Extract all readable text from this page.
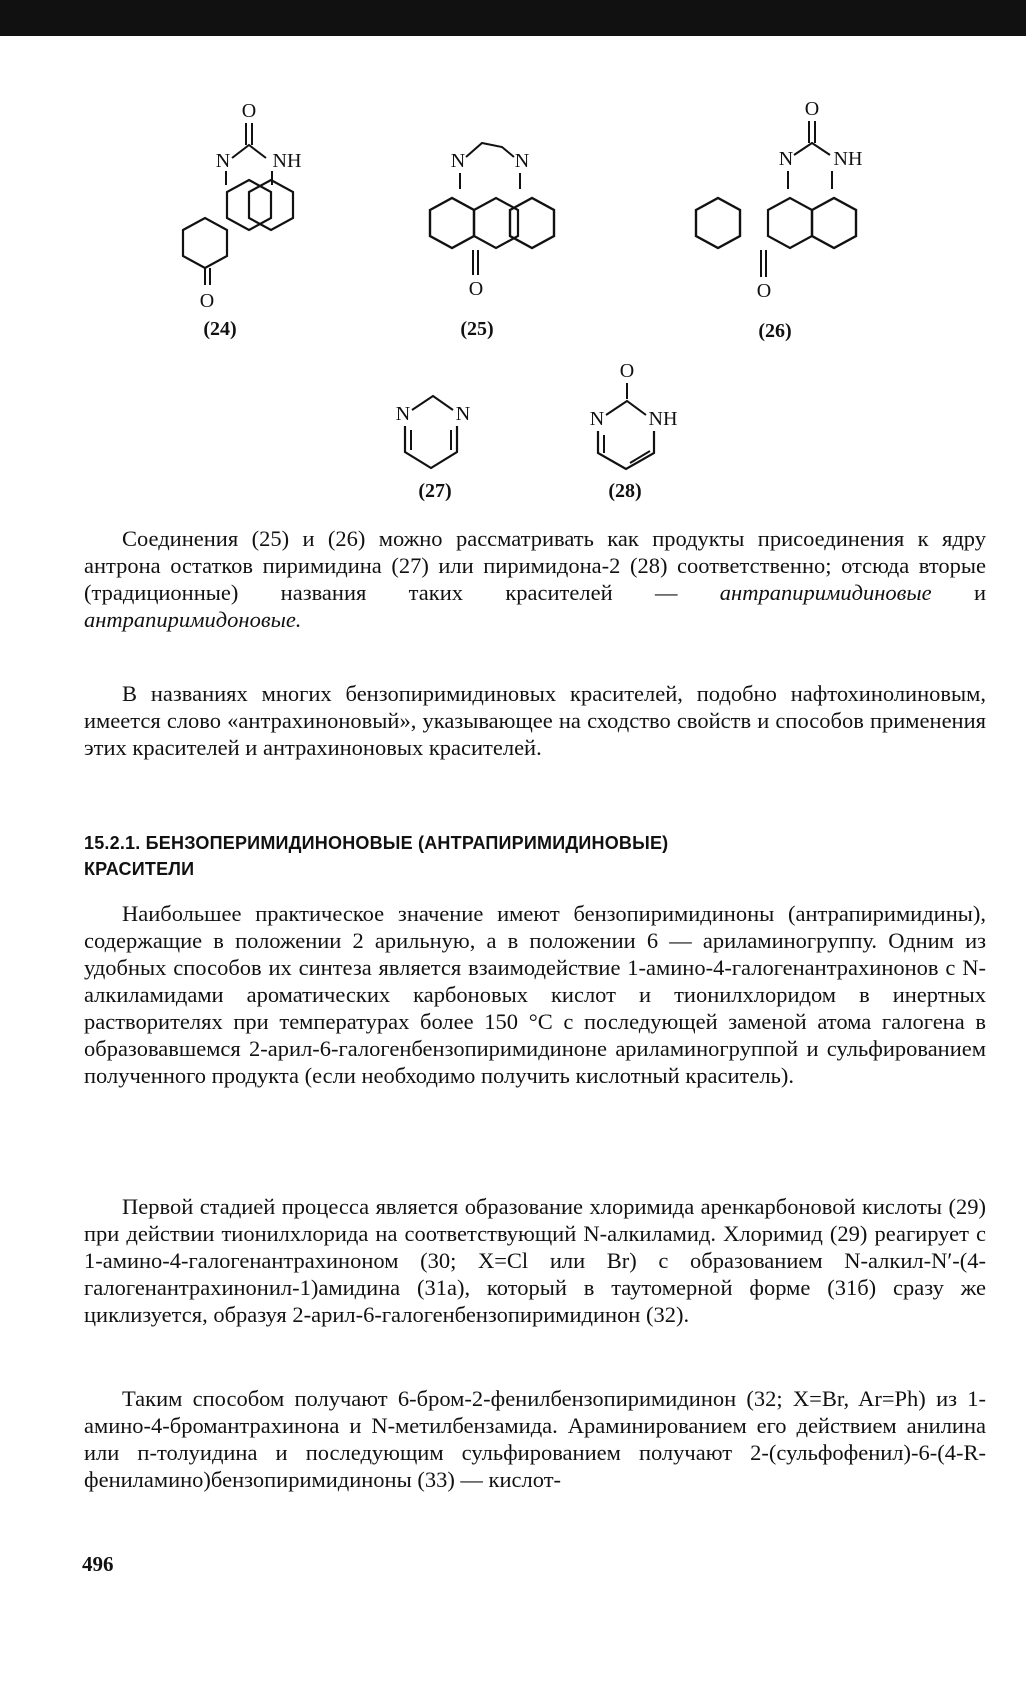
O
N NH
O
(24)
N N
O
(25)
O
N NH
O
(26)
N N
(27)
O
N NH
(28)

Соединения (25) и (26) можно рассматривать как продукты присоединения к ядру антрона остатков пиримидина (27) или пиримидона-2 (28) соответственно; отсюда вторые (традиционные) названия таких красителей — антрапиримидиновые и антрапиримидоновые.

В названиях многих бензопиримидиновых красителей, подобно нафтохинолиновым, имеется слово «антрахиноновый», указывающее на сходство свойств и способов применения этих красителей и антрахиноновых красителей.

15.2.1. БЕНЗОПЕРИМИДИНОНОВЫЕ (АНТРАПИРИМИДИНОВЫЕ)
КРАСИТЕЛИ

Наибольшее практическое значение имеют бензопиримидиноны (антрапиримидины), содержащие в положении 2 арильную, а в положении 6 — ариламиногруппу. Одним из удобных способов их синтеза является взаимодействие 1-амино-4-галогенантрахинонов с N-алкиламидами ароматических карбоновых кислот и тионилхлоридом в инертных растворителях при температурах более 150 °C с последующей заменой атома галогена в образовавшемся 2-арил-6-галогенбензопиримидиноне ариламиногруппой и сульфированием полученного продукта (если необходимо получить кислотный краситель).

Первой стадией процесса является образование хлоримида аренкарбоновой кислоты (29) при действии тионилхлорида на соответствующий N-алкиламид. Хлоримид (29) реагирует с 1-амино-4-галогенантрахиноном (30; X=Cl или Br) с образованием N-алкил-N′-(4-галогенантрахинонил-1)амидина (31а), который в таутомерной форме (31б) сразу же циклизуется, образуя 2-арил-6-галогенбензопиримидинон (32).

Таким способом получают 6-бром-2-фенилбензопиримидинон (32; X=Br, Ar=Ph) из 1-амино-4-бромантрахинона и N-метилбензамида. Араминированием его действием анилина или п-толуидина и последующим сульфированием получают 2-(сульфофенил)-6-(4-R-фениламино)бензопиримидиноны (33) — кислот-

496
